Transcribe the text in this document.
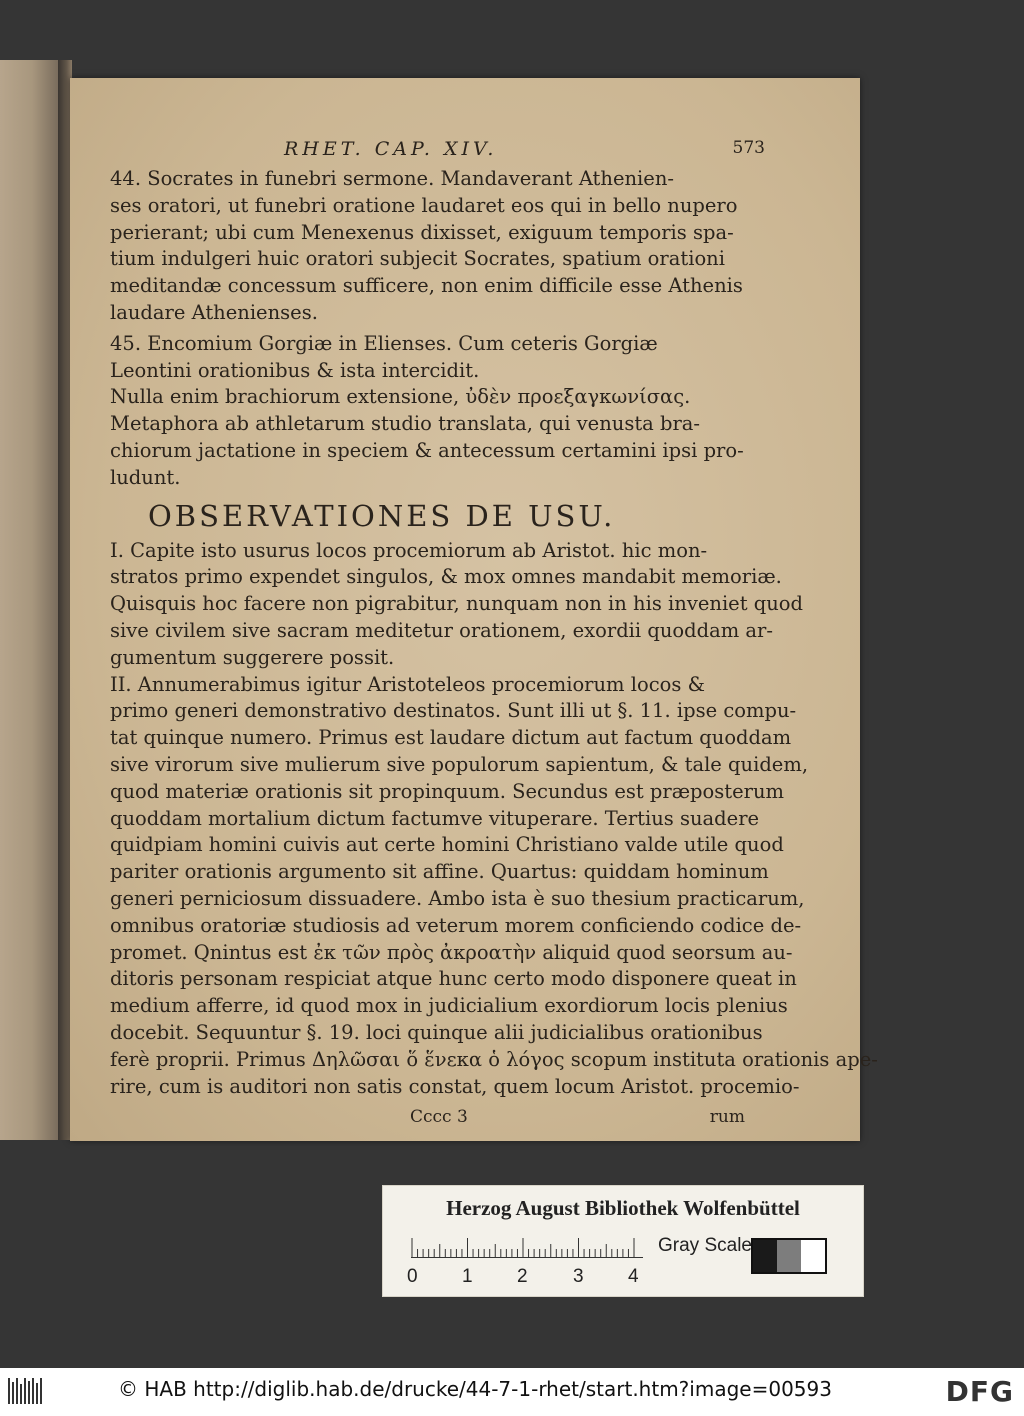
RHET. CAP. XIV.	573
44. Socrates in funebri sermone. Mandaverant Athenien-
ses oratori, ut funebri oratione laudaret eos qui in bello nupero
perierant; ubi cum Menexenus dixisset, exiguum temporis spa-
tium indulgeri huic oratori subjecit Socrates, spatium orationi
meditandæ concessum sufficere, non enim difficile esse Athenis
laudare Athenienses.
45. Encomium Gorgiæ in Elienses. Cum ceteris Gorgiæ
Leontini orationibus & ista intercidit.
Nulla enim brachiorum extensione, ὐδὲν προεξαγκωνίσας.
Metaphora ab athletarum studio translata, qui venusta bra-
chiorum jactatione in speciem & antecessum certamini ipsi pro-
ludunt.
OBSERVATIONES DE USU.
I. Capite isto usurus locos procemiorum ab Aristot. hic mon-
stratos primo expendet singulos, & mox omnes mandabit memoriæ.
Quisquis hoc facere non pigrabitur, nunquam non in his inveniet quod
sive civilem sive sacram meditetur orationem, exordii quoddam ar-
gumentum suggerere possit.
II. Annumerabimus igitur Aristoteleos procemiorum locos &
primo generi demonstrativo destinatos. Sunt illi ut §. 11. ipse compu-
tat quinque numero. Primus est laudare dictum aut factum quoddam
sive virorum sive mulierum sive populorum sapientum, & tale quidem,
quod materiæ orationis sit propinquum. Secundus est præposterum
quoddam mortalium dictum factumve vituperare. Tertius suadere
quidpiam homini cuivis aut certe homini Christiano valde utile quod
pariter orationis argumento sit affine. Quartus: quiddam hominum
generi perniciosum dissuadere. Ambo ista è suo thesium practicarum,
omnibus oratoriæ studiosis ad veterum morem conficiendo codice de-
promet. Qnintus est ἐκ τῶν πρὸς ἀκροατὴν aliquid quod seorsum au-
ditoris personam respiciat atque hunc certo modo disponere queat in
medium afferre, id quod mox in judicialium exordiorum locis plenius
docebit. Sequuntur §. 19. loci quinque alii judicialibus orationibus
ferè proprii. Primus Δηλῶσαι ὅ ἕνεκα ὁ λόγος scopum instituta orationis ape-
rire, cum is auditori non satis constat, quem locum Aristot. procemio-
Cccc 3	rum
Herzog August Bibliothek Wolfenbüttel
0 1 2 3 4
Gray Scale
© HAB http://diglib.hab.de/drucke/44-7-1-rhet/start.htm?image=00593	DFG
